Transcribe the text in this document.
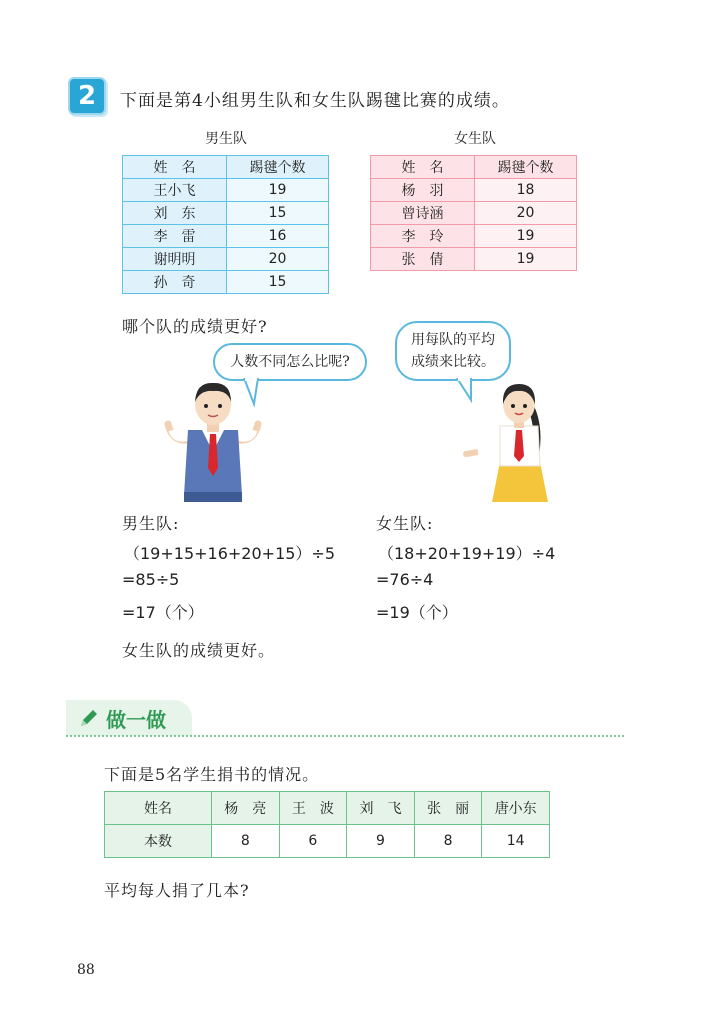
2	下面是第4小组男生队和女生队踢毽比赛的成绩。
男生队
姓　名	踢毽个数
王小飞	19
刘　东	15
李　雷	16
谢明明	20
孙　奇	15
女生队
姓　名	踢毽个数
杨　羽	18
曾诗涵	20
李　玲	19
张　倩	19
哪个队的成绩更好?
人数不同怎么比呢?
用每队的平均
成绩来比较。
男生队:
（19+15+16+20+15）÷5
=85÷5
=17（个）
女生队:
（18+20+19+19）÷4
=76÷4
=19（个）
女生队的成绩更好。
做一做
下面是5名学生捐书的情况。
姓名	杨　亮	王　波	刘　飞	张　丽	唐小东
本数	8	6	9	8	14
平均每人捐了几本?
88
